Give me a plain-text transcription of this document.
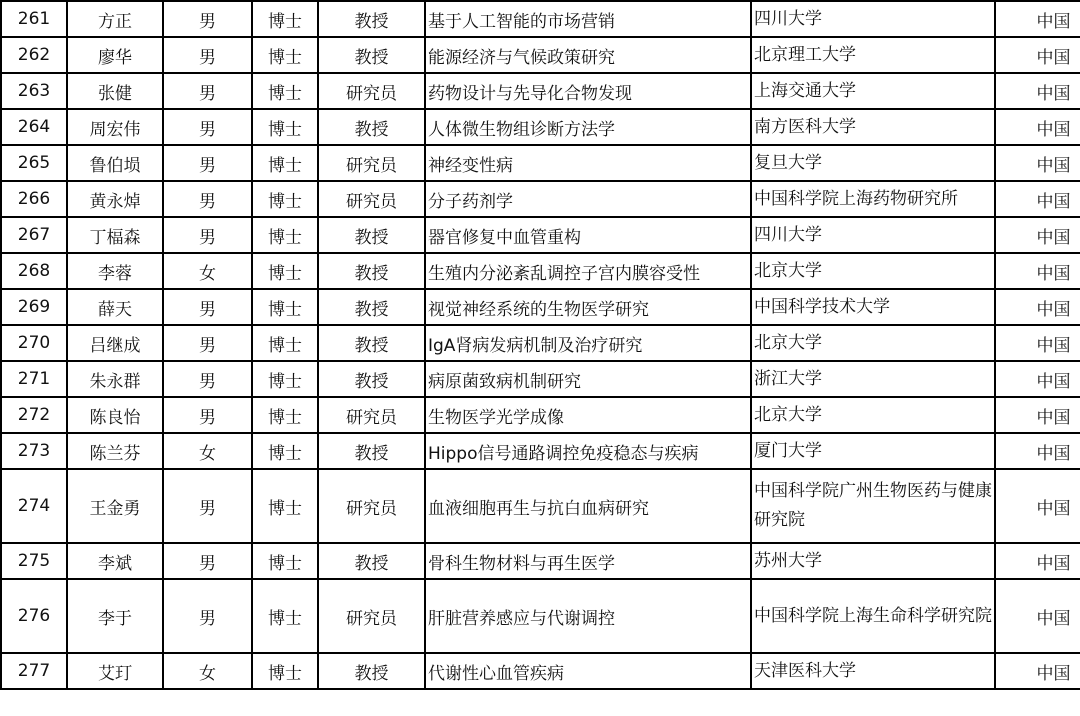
261	方正	男	博士	教授	基于人工智能的市场营销	四川大学	中国
262	廖华	男	博士	教授	能源经济与气候政策研究	北京理工大学	中国
263	张健	男	博士	研究员	药物设计与先导化合物发现	上海交通大学	中国
264	周宏伟	男	博士	教授	人体微生物组诊断方法学	南方医科大学	中国
265	鲁伯埙	男	博士	研究员	神经变性病	复旦大学	中国
266	黄永焯	男	博士	研究员	分子药剂学	中国科学院上海药物研究所	中国
267	丁楅森	男	博士	教授	器官修复中血管重构	四川大学	中国
268	李蓉	女	博士	教授	生殖内分泌紊乱调控子宫内膜容受性	北京大学	中国
269	薛天	男	博士	教授	视觉神经系统的生物医学研究	中国科学技术大学	中国
270	吕继成	男	博士	教授	IgA肾病发病机制及治疗研究	北京大学	中国
271	朱永群	男	博士	教授	病原菌致病机制研究	浙江大学	中国
272	陈良怡	男	博士	研究员	生物医学光学成像	北京大学	中国
273	陈兰芬	女	博士	教授	Hippo信号通路调控免疫稳态与疾病	厦门大学	中国
274	王金勇	男	博士	研究员	血液细胞再生与抗白血病研究	中国科学院广州生物医药与健康研究院	中国
275	李斌	男	博士	教授	骨科生物材料与再生医学	苏州大学	中国
276	李于	男	博士	研究员	肝脏营养感应与代谢调控	中国科学院上海生命科学研究院	中国
277	艾玎	女	博士	教授	代谢性心血管疾病	天津医科大学	中国
